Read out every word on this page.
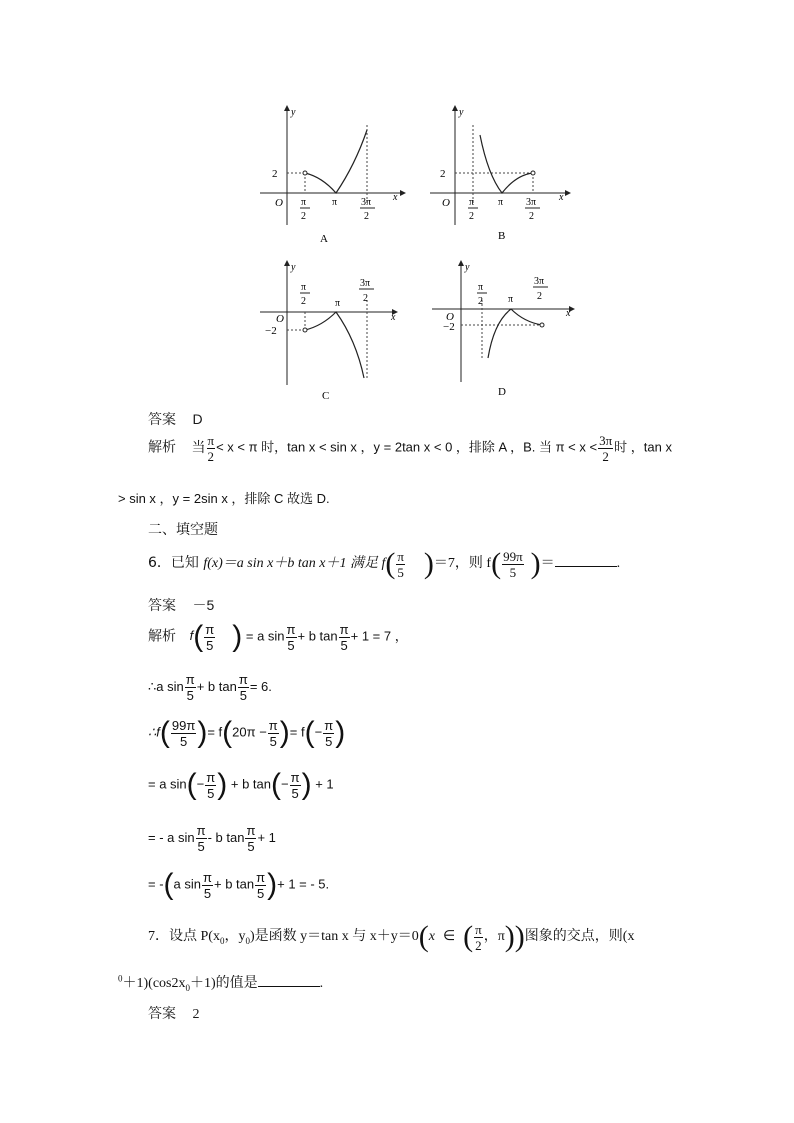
y
x
O
2
π
2
π 3π
2
A
y
x
O
2
π
2
π 3π
2
B
y
x
O
−2
π
2	π
3π
2
C
y
x
O
−2
π
2	π
3π
2
D
答案 D
解析 当 $\frac{\pi}{2} < x < \pi$ 时，tan x < sin x ，y = 2tan x < 0 ，排除 A ，B. 当 $\pi < x < \frac{3\pi}{2}$ 时 ，tan x
> sin x ，y = 2sin x ，排除 C 故选 D.
二、填空题
6．已知 f(x)＝a sin x＋b tan x＋1 满足 $f( \frac{\pi}{5} )=7$，则 $f( \frac{99\pi}{5}$ )＝	.
答案 －5
解析 $f( \frac{\pi}{5}$ ) = a $\sin \frac{\pi}{5} + b$ $\tan \frac{\pi}{5} + 1 = 7$ ，
∴a $\sin \frac{\pi}{5} + b$ $\tan \frac{\pi}{5} = 6$.
∴f( $\frac{99\pi}{5}$ )= $f(20\pi - \frac{\pi}{5}$ )= $f(- \frac{\pi}{5}$ )
= a $\sin(- \frac{\pi}{5}$ ) + b $\tan(- \frac{\pi}{5}$ ) + 1
= - a $\sin \frac{\pi}{5}$ - b $\tan \frac{\pi}{5} + 1$
= -(a $\sin \frac{\pi}{5} + b$ $\tan \frac{\pi}{5}$ )+ 1 = - 5.
7．设点 $P(x_0$，$y_0$)是函数 y＝tan x 与 x＋y＝0(x ∈ ( $\frac{\pi}{2}$ ，π))图象的交点，则(x
$^0+1)(\cos 2x_0+1)$的值是	.
答案 2
